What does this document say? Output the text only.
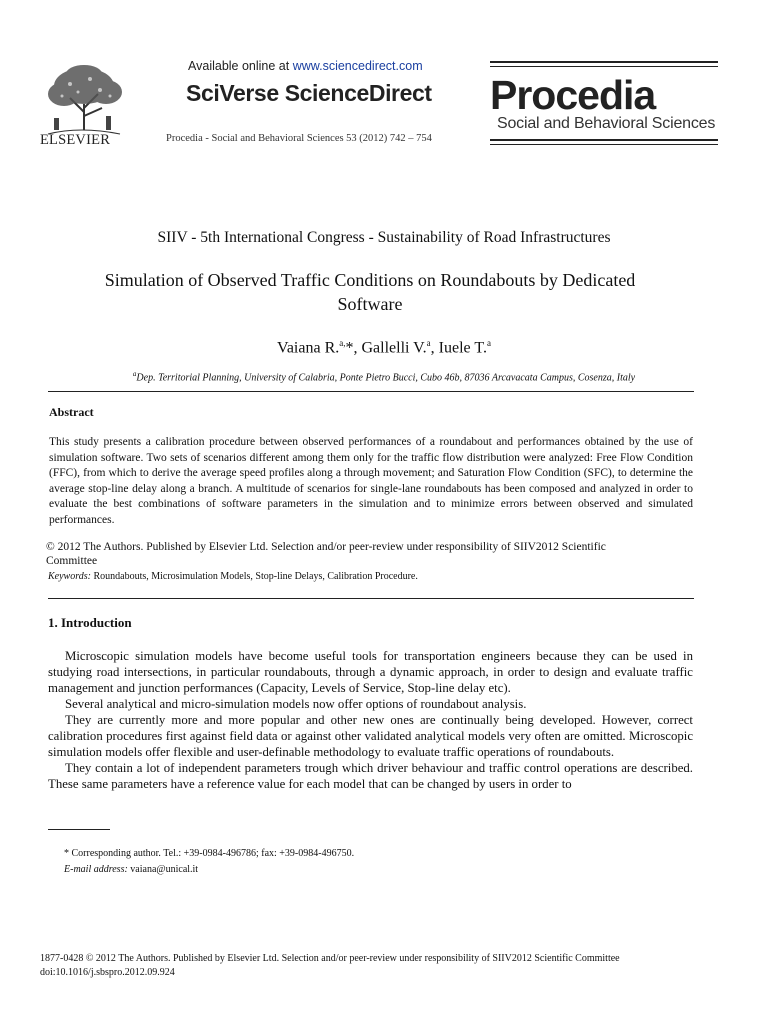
ELSEVIER
Available online at www.sciencedirect.com
SciVerse ScienceDirect
Procedia - Social and Behavioral Sciences 53 (2012) 742 – 754
Procedia
Social and Behavioral Sciences
SIIV - 5th International Congress - Sustainability of Road Infrastructures
Simulation of Observed Traffic Conditions on Roundabouts by Dedicated Software
Vaiana R.$^{a,}$*, Gallelli V.$^a$, Iuele T.$^a$
$^a$Dep. Territorial Planning, University of Calabria, Ponte Pietro Bucci, Cubo 46b, 87036 Arcavacata Campus, Cosenza, Italy
Abstract
This study presents a calibration procedure between observed performances of a roundabout and performances obtained by the use of simulation software. Two sets of scenarios different among them only for the traffic flow distribution were analyzed: Free Flow Condition (FFC), from which to derive the average speed profiles along a through movement; and Saturation Flow Condition (SFC), to determine the average stop-line delay along a branch. A multitude of scenarios for single-lane roundabouts has been composed and analyzed in order to evaluate the best combinations of software parameters in the simulation and to minimize errors between observed and simulated performances.
© 2012 The Authors. Published by Elsevier Ltd. Selection and/or peer-review under responsibility of SIIV2012 Scientific Committee
Keywords: Roundabouts, Microsimulation Models, Stop-line Delays, Calibration Procedure.
1. Introduction

Microscopic simulation models have become useful tools for transportation engineers because they can be used in studying road intersections, in particular roundabouts, through a dynamic approach, in order to design and evaluate traffic management and junction performances (Capacity, Levels of Service, Stop-line delay etc).

Several analytical and micro-simulation models now offer options of roundabout analysis.

They are currently more and more popular and other new ones are continually being developed. However, correct calibration procedures first against field data or against other validated analytical models very often are omitted. Microscopic simulation models offer flexible and user-definable methodology to evaluate traffic operations of roundabouts.

They contain a lot of independent parameters trough which driver behaviour and traffic control operations are described. These same parameters have a reference value for each model that can be changed by users in order to

* Corresponding author. Tel.: +39-0984-496786; fax: +39-0984-496750.
E-mail address: vaiana@unical.it
1877-0428 © 2012 The Authors. Published by Elsevier Ltd. Selection and/or peer-review under responsibility of SIIV2012 Scientific Committee
doi:10.1016/j.sbspro.2012.09.924
